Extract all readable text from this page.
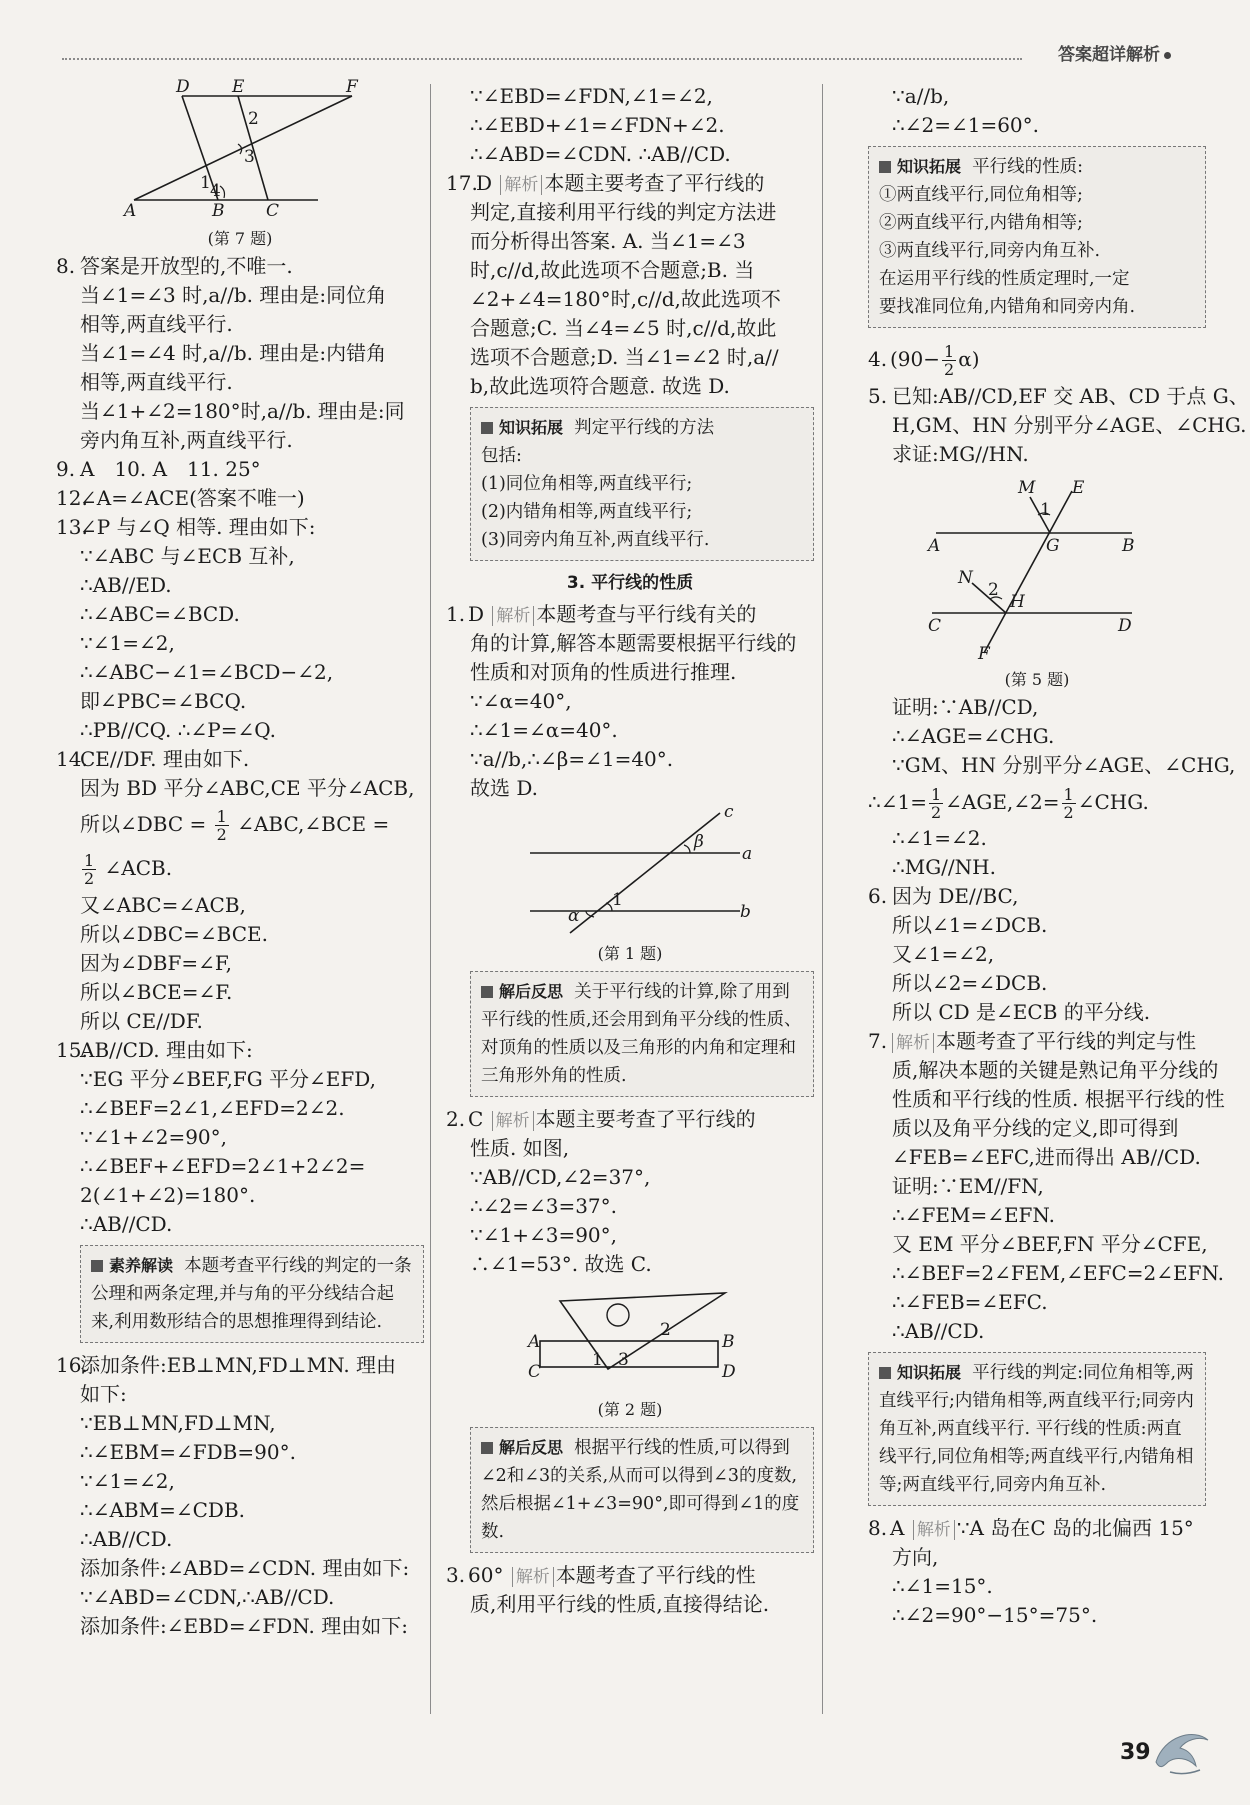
答案超详解析
D E	F
A	B C
1
2
3
4
(第 7 题)
8. 答案是开放型的,不唯一.
当∠1=∠3 时,a//b. 理由是:同位角
相等,两直线平行.
当∠1=∠4 时,a//b. 理由是:内错角
相等,两直线平行.
当∠1+∠2=180°时,a//b. 理由是:同
旁内角互补,两直线平行.
9. A　10. A　11. 25°
12.∠A=∠ACE(答案不唯一)
13.∠P 与∠Q 相等. 理由如下:
∵∠ABC 与∠ECB 互补,
∴AB//ED.
∴∠ABC=∠BCD.
∵∠1=∠2,
∴∠ABC−∠1=∠BCD−∠2,
即∠PBC=∠BCQ.
∴PB//CQ. ∴∠P=∠Q.
14.CE//DF. 理由如下.
因为 BD 平分∠ABC,CE 平分∠ACB,
所以∠DBC = $\frac{1}{2}$ ∠ABC,∠BCE =
$\frac{1}{2}$ ∠ACB.
又∠ABC=∠ACB,
所以∠DBC=∠BCE.
因为∠DBF=∠F,
所以∠BCE=∠F.
所以 CE//DF.
15.AB//CD. 理由如下:
∵EG 平分∠BEF,FG 平分∠EFD,
∴∠BEF=2∠1,∠EFD=2∠2.
∵∠1+∠2=90°,
∴∠BEF+∠EFD=2∠1+2∠2=
2(∠1+∠2)=180°.
∴AB//CD.
素养解读 本题考查平行线的判定的一条公理和两条定理,并与角的平分线结合起来,利用数形结合的思想推理得到结论.
16.添加条件:EB⊥MN,FD⊥MN. 理由
如下:
∵EB⊥MN,FD⊥MN,
∴∠EBM=∠FDB=90°.
∵∠1=∠2,
∴∠ABM=∠CDB.
∴AB//CD.
添加条件:∠ABD=∠CDN. 理由如下:
∵∠ABD=∠CDN,∴AB//CD.
添加条件:∠EBD=∠FDN. 理由如下:
∵∠EBD=∠FDN,∠1=∠2,
∴∠EBD+∠1=∠FDN+∠2.
∴∠ABD=∠CDN. ∴AB//CD.
17.D 解析 本题主要考查了平行线的
判定,直接利用平行线的判定方法进
而分析得出答案. A. 当∠1=∠3
时,c//d,故此选项不合题意;B. 当
∠2+∠4=180°时,c//d,故此选项不
合题意;C. 当∠4=∠5 时,c//d,故此
选项不合题意;D. 当∠1=∠2 时,a//
b,故此选项符合题意. 故选 D.
知识拓展 判定平行线的方法
包括:
(1)同位角相等,两直线平行;
(2)内错角相等,两直线平行;
(3)同旁内角互补,两直线平行.
3. 平行线的性质
1. D 解析 本题考查与平行线有关的
角的计算,解答本题需要根据平行线的
性质和对顶角的性质进行推理.
∵∠α=40°,
∴∠1=∠α=40°.
∵a//b,∴∠β=∠1=40°.
故选 D.
c
β
a
α
1
b
(第 1 题)
解后反思 关于平行线的计算,除了用到平行线的性质,还会用到角平分线的性质、对顶角的性质以及三角形的内角和定理和三角形外角的性质.
2. C 解析 本题主要考查了平行线的
性质. 如图,
∵AB//CD,∠2=37°,
∴∠2=∠3=37°.
∵∠1+∠3=90°,
∴∠1=53°. 故选 C.
A	B
C	D
1
2
3
(第 2 题)
解后反思 根据平行线的性质,可以得到∠2和∠3的关系,从而可以得到∠3的度数,然后根据∠1+∠3=90°,即可得到∠1的度数.
3. 60° 解析 本题考查了平行线的性
质,利用平行线的性质,直接得结论.
∵a//b,
∴∠2=∠1=60°.
知识拓展 平行线的性质:
①两直线平行,同位角相等;
②两直线平行,内错角相等;
③两直线平行,同旁内角互补.
在运用平行线的性质定理时,一定
要找准同位角,内错角和同旁内角.
4. $(90- \frac{1}{2} \alpha)$
5. 已知:AB//CD,EF 交 AB、CD 于点 G、
H,GM、HN 分别平分∠AGE、∠CHG.
求证:MG//HN.
M E
1
A	G	B
N
2
H
C	D
F
(第 5 题)
证明:∵AB//CD,
∴∠AGE=∠CHG.
∵GM、HN 分别平分∠AGE、∠CHG,
∴∠1= $\frac{1}{2}$ ∠AGE,∠2= $\frac{1}{2}$ ∠CHG.
∴∠1=∠2.
∴MG//NH.
6. 因为 DE//BC,
所以∠1=∠DCB.
又∠1=∠2,
所以∠2=∠DCB.
所以 CD 是∠ECB 的平分线.
7. 解析 本题考查了平行线的判定与性
质,解决本题的关键是熟记角平分线的
性质和平行线的性质. 根据平行线的性
质以及角平分线的定义,即可得到
∠FEB=∠EFC,进而得出 AB//CD.
证明:∵EM//FN,
∴∠FEM=∠EFN.
又 EM 平分∠BEF,FN 平分∠CFE,
∴∠BEF=2∠FEM,∠EFC=2∠EFN.
∴∠FEB=∠EFC.
∴AB//CD.
知识拓展 平行线的判定:同位角相等,两直线平行;内错角相等,两直线平行;同旁内角互补,两直线平行. 平行线的性质:两直线平行,同位角相等;两直线平行,内错角相等;两直线平行,同旁内角互补.
8. A 解析 ∵A 岛在C 岛的北偏西 15°
方向,
∴∠1=15°.
∴∠2=90°−15°=75°.
39
